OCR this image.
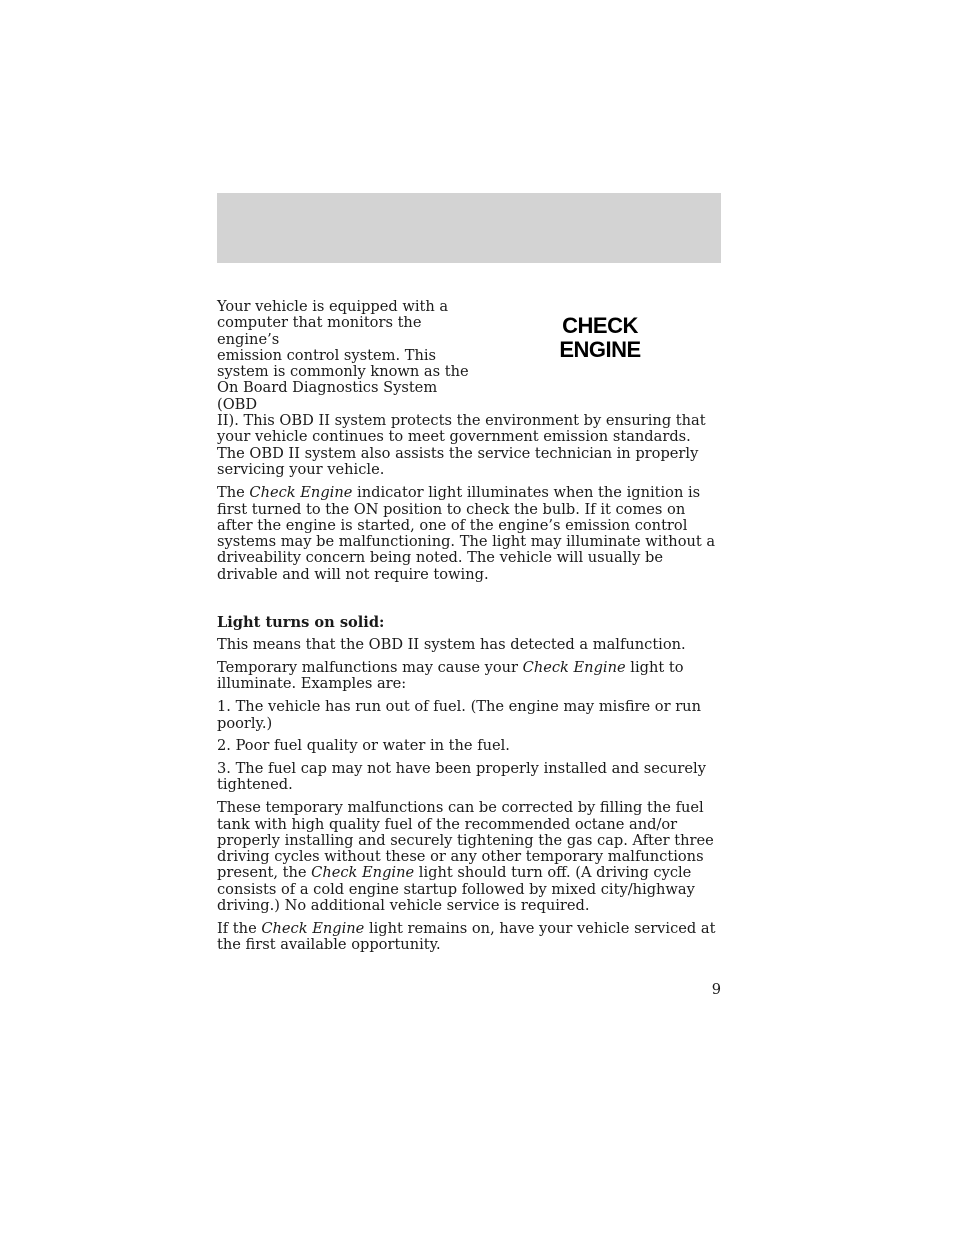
CHECK
ENGINE
Your vehicle is equipped with a
computer that monitors the engine’s
emission control system. This
system is commonly known as the
On Board Diagnostics System (OBD

II). This OBD II system protects the environment by ensuring that your vehicle continues to meet government emission standards. The OBD II system also assists the service technician in properly servicing your vehicle.

The Check Engine indicator light illuminates when the ignition is first turned to the ON position to check the bulb. If it comes on after the engine is started, one of the engine’s emission control systems may be malfunctioning. The light may illuminate without a driveability concern being noted. The vehicle will usually be drivable and will not require towing.

Light turns on solid:

This means that the OBD II system has detected a malfunction.

Temporary malfunctions may cause your Check Engine light to illuminate. Examples are:

1. The vehicle has run out of fuel. (The engine may misfire or run poorly.)

2. Poor fuel quality or water in the fuel.

3. The fuel cap may not have been properly installed and securely tightened.

These temporary malfunctions can be corrected by filling the fuel tank with high quality fuel of the recommended octane and/or properly installing and securely tightening the gas cap. After three driving cycles without these or any other temporary malfunctions present, the Check Engine light should turn off. (A driving cycle consists of a cold engine startup followed by mixed city/highway driving.) No additional vehicle service is required.

If the Check Engine light remains on, have your vehicle serviced at the first available opportunity.

9
